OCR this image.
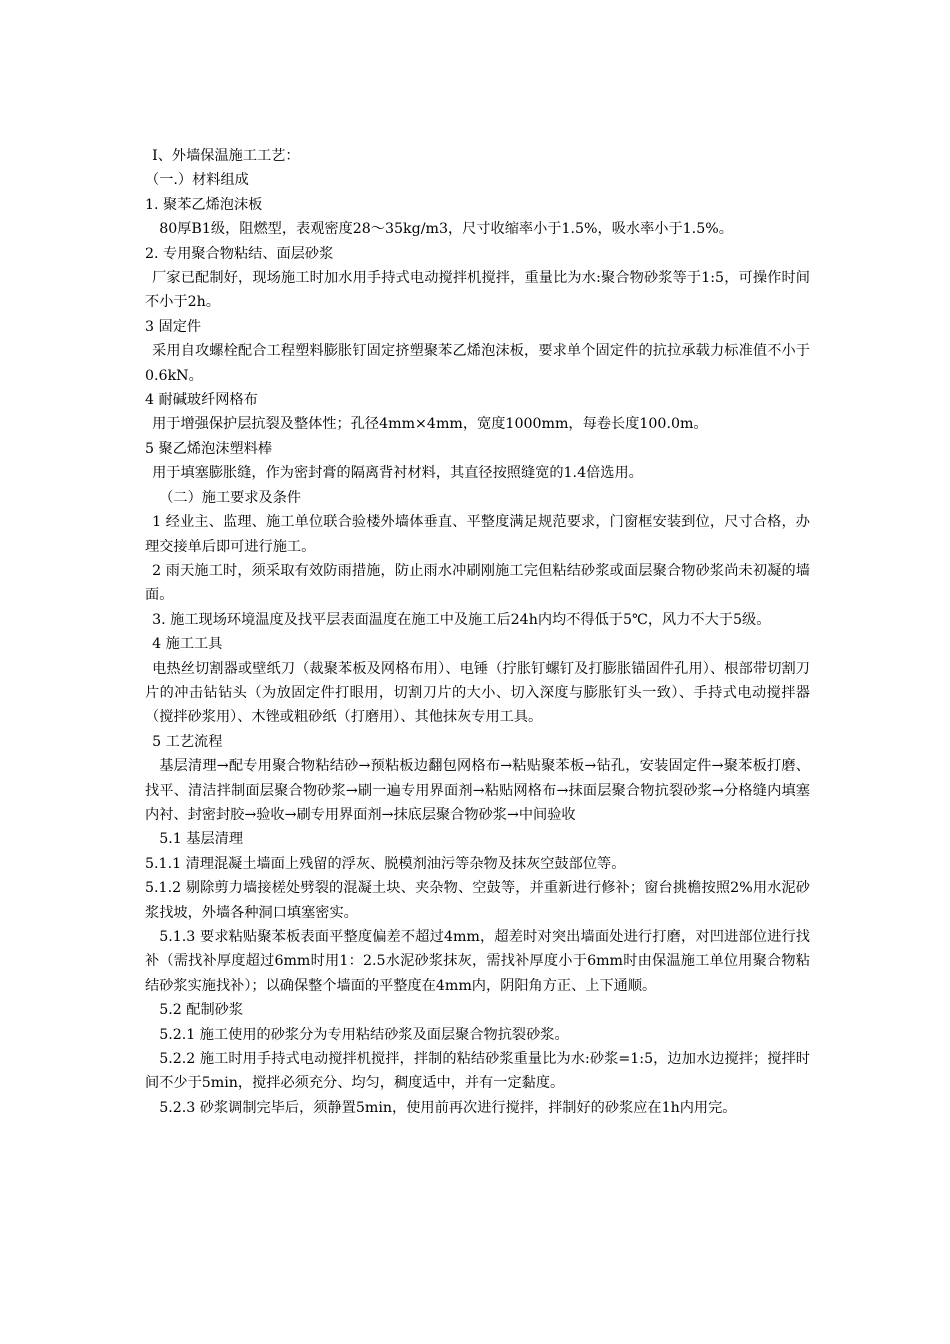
Ⅰ、外墙保温施工工艺：

（一.）材料组成

1. 聚苯乙烯泡沫板

80厚B1级，阻燃型，表观密度28～35kg/m3，尺寸收缩率小于1.5%，吸水率小于1.5%。

2. 专用聚合物粘结、面层砂浆

厂家已配制好，现场施工时加水用手持式电动搅拌机搅拌，重量比为水:聚合物砂浆等于1:5，可操作时间不小于2h。

3 固定件

采用自攻螺栓配合工程塑料膨胀钉固定挤塑聚苯乙烯泡沫板，要求单个固定件的抗拉承载力标准值不小于0.6kN。

4 耐碱玻纤网格布

用于增强保护层抗裂及整体性；孔径4mm×4mm，宽度1000mm，每卷长度100.0m。

5 聚乙烯泡沫塑料棒

用于填塞膨胀缝，作为密封膏的隔离背衬材料，其直径按照缝宽的1.4倍选用。

（二）施工要求及条件

1 经业主、监理、施工单位联合验楼外墙体垂直、平整度满足规范要求，门窗框安装到位，尺寸合格，办理交接单后即可进行施工。

2 雨天施工时，须采取有效防雨措施，防止雨水冲刷刚施工完但粘结砂浆或面层聚合物砂浆尚未初凝的墙面。

3. 施工现场环境温度及找平层表面温度在施工中及施工后24h内均不得低于5℃，风力不大于5级。

4 施工工具

电热丝切割器或壁纸刀（裁聚苯板及网格布用）、电锤（拧胀钉螺钉及打膨胀锚固件孔用）、根部带切割刀片的冲击钻钻头（为放固定件打眼用，切割刀片的大小、切入深度与膨胀钉头一致）、手持式电动搅拌器（搅拌砂浆用）、木锉或粗砂纸（打磨用）、其他抹灰专用工具。

5 工艺流程

基层清理→配专用聚合物粘结砂→预粘板边翻包网格布→粘贴聚苯板→钻孔，安装固定件→聚苯板打磨、找平、清洁拌制面层聚合物砂浆→刷一遍专用界面剂→粘贴网格布→抹面层聚合物抗裂砂浆→分格缝内填塞内衬、封密封胶→验收→刷专用界面剂→抹底层聚合物砂浆→中间验收

5.1 基层清理

5.1.1 清理混凝土墙面上残留的浮灰、脱模剂油污等杂物及抹灰空鼓部位等。

5.1.2 剔除剪力墙接槎处劈裂的混凝土块、夹杂物、空鼓等，并重新进行修补；窗台挑檐按照2%用水泥砂浆找坡，外墙各种洞口填塞密实。

5.1.3 要求粘贴聚苯板表面平整度偏差不超过4mm，超差时对突出墙面处进行打磨，对凹进部位进行找补（需找补厚度超过6mm时用1：2.5水泥砂浆抹灰，需找补厚度小于6mm时由保温施工单位用聚合物粘结砂浆实施找补）；以确保整个墙面的平整度在4mm内，阴阳角方正、上下通顺。

5.2 配制砂浆

5.2.1 施工使用的砂浆分为专用粘结砂浆及面层聚合物抗裂砂浆。

5.2.2 施工时用手持式电动搅拌机搅拌，拌制的粘结砂浆重量比为水:砂浆=1:5，边加水边搅拌；搅拌时间不少于5min，搅拌必须充分、均匀，稠度适中，并有一定黏度。

5.2.3 砂浆调制完毕后，须静置5min，使用前再次进行搅拌，拌制好的砂浆应在1h内用完。
